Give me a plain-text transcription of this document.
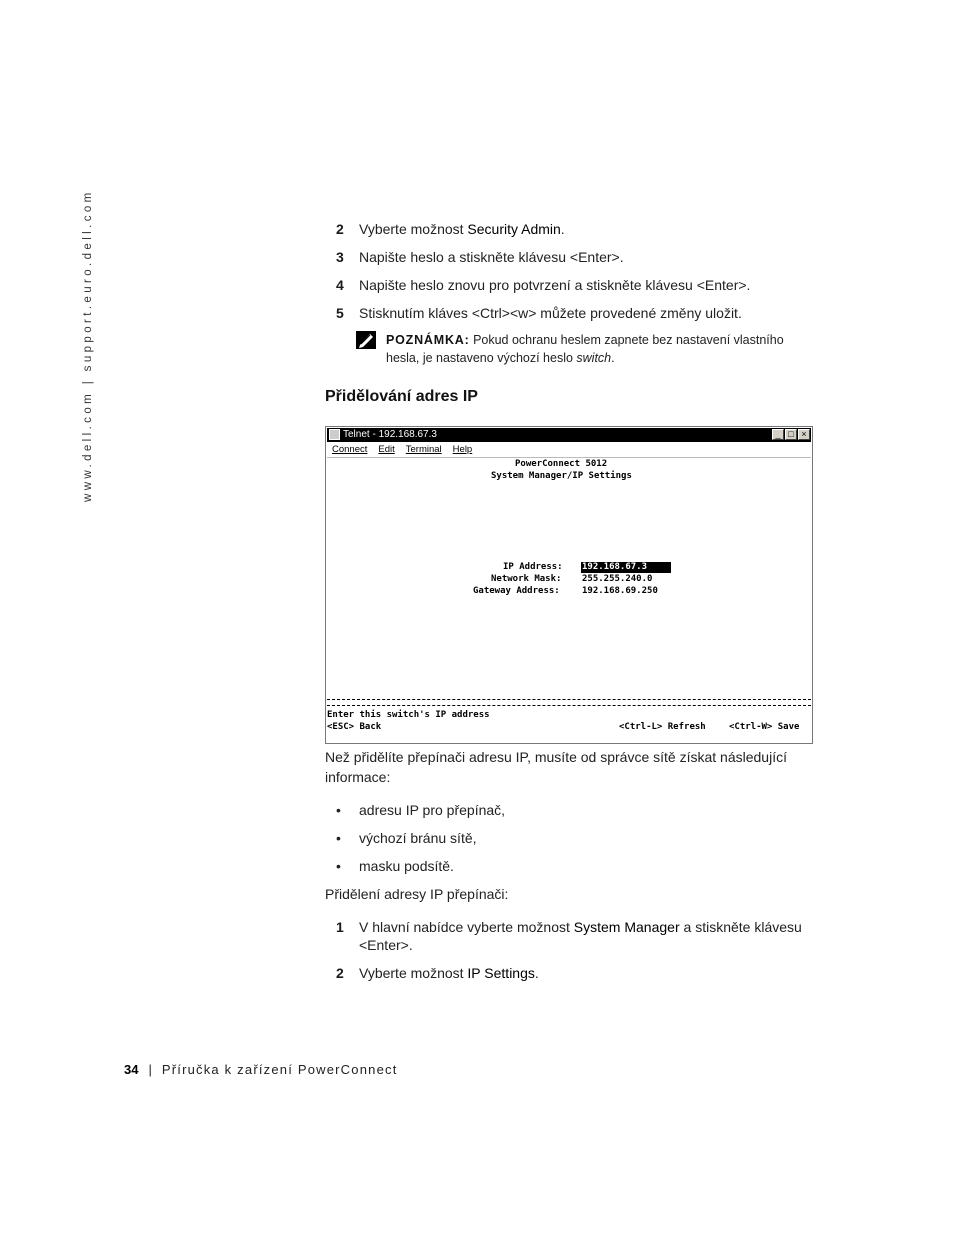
www.dell.com | support.euro.dell.com	2	Vyberte možnost Security Admin.
3	Napište heslo a stiskněte klávesu <Enter>.
4	Napište heslo znovu pro potvrzení a stiskněte klávesu <Enter>.
5	Stisknutím kláves <Ctrl><w> můžete provedené změny uložit.
POZNÁMKA: Pokud ochranu heslem zapnete bez nastavení vlastního hesla, je nastaveno výchozí heslo switch.
Přidělování adres IP
Telnet - 192.168.67.3	_ □ ×
Connect Edit Terminal Help
PowerConnect 5012
System Manager/IP Settings
IP Address: 192.168.67.3
Network Mask: 255.255.240.0
Gateway Address: 192.168.69.250
Enter this switch's IP address
<ESC> Back	<Ctrl-L> Refresh	<Ctrl-W> Save
Než přidělíte přepínači adresu IP, musíte od správce sítě získat následující informace:
• adresu IP pro přepínač,
• výchozí bránu sítě,
• masku podsítě.
Přidělení adresy IP přepínači:
1	V hlavní nabídce vyberte možnost System Manager a stiskněte klávesu <Enter>.
2	Vyberte možnost IP Settings.
34 | Příručka k zařízení PowerConnect
